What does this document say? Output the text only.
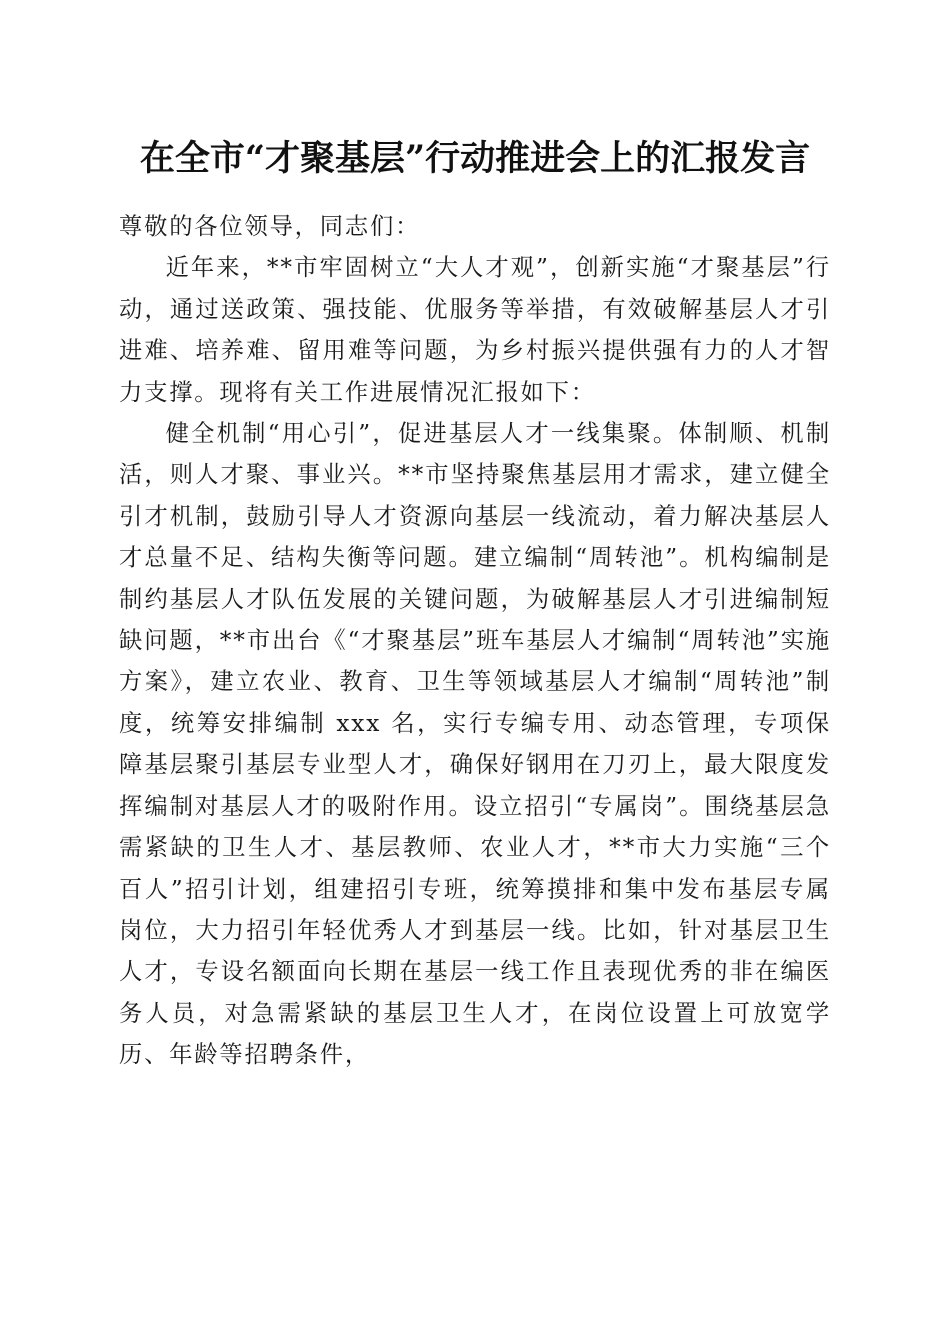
在全市“才聚基层”行动推进会上的汇报发言

尊敬的各位领导，同志们：

近年来，**市牢固树立“大人才观”，创新实施“才聚基层”行动，通过送政策、强技能、优服务等举措，有效破解基层人才引进难、培养难、留用难等问题，为乡村振兴提供强有力的人才智力支撑。现将有关工作进展情况汇报如下：

健全机制“用心引”，促进基层人才一线集聚。体制顺、机制活，则人才聚、事业兴。**市坚持聚焦基层用才需求，建立健全引才机制，鼓励引导人才资源向基层一线流动，着力解决基层人才总量不足、结构失衡等问题。建立编制“周转池”。机构编制是制约基层人才队伍发展的关键问题，为破解基层人才引进编制短缺问题，**市出台《“才聚基层”班车基层人才编制“周转池”实施方案》，建立农业、教育、卫生等领域基层人才编制“周转池”制度，统筹安排编制 xxx 名，实行专编专用、动态管理，专项保障基层聚引基层专业型人才，确保好钢用在刀刃上，最大限度发挥编制对基层人才的吸附作用。设立招引“专属岗”。围绕基层急需紧缺的卫生人才、基层教师、农业人才，**市大力实施“三个百人”招引计划，组建招引专班，统筹摸排和集中发布基层专属岗位，大力招引年轻优秀人才到基层一线。比如，针对基层卫生人才，专设名额面向长期在基层一线工作且表现优秀的非在编医务人员，对急需紧缺的基层卫生人才，在岗位设置上可放宽学历、年龄等招聘条件，
